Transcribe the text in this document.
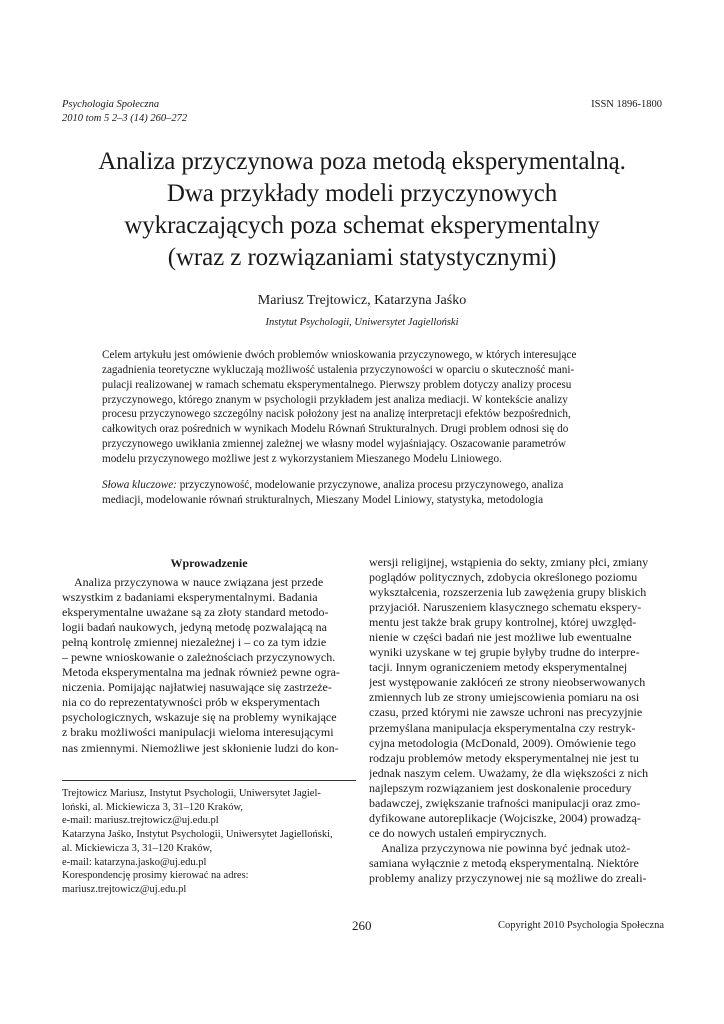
Psychologia Społeczna
2010 tom 5 2–3 (14) 260–272
ISSN 1896-1800
Analiza przyczynowa poza metodą eksperymentalną.
Dwa przykłady modeli przyczynowych
wykraczających poza schemat eksperymentalny
(wraz z rozwiązaniami statystycznymi)
Mariusz Trejtowicz, Katarzyna Jaśko
Instytut Psychologii, Uniwersytet Jagielloński
Celem artykułu jest omówienie dwóch problemów wnioskowania przyczynowego, w których interesujące
zagadnienia teoretyczne wykluczają możliwość ustalenia przyczynowości w oparciu o skuteczność mani-
pulacji realizowanej w ramach schematu eksperymentalnego. Pierwszy problem dotyczy analizy procesu
przyczynowego, którego znanym w psychologii przykładem jest analiza mediacji. W kontekście analizy
procesu przyczynowego szczególny nacisk położony jest na analizę interpretacji efektów bezpośrednich,
całkowitych oraz pośrednich w wynikach Modelu Równań Strukturalnych. Drugi problem odnosi się do
przyczynowego uwikłania zmiennej zależnej we własny model wyjaśniający. Oszacowanie parametrów
modelu przyczynowego możliwe jest z wykorzystaniem Mieszanego Modelu Liniowego.
Słowa kluczowe: przyczynowość, modelowanie przyczynowe, analiza procesu przyczynowego, analiza
mediacji, modelowanie równań strukturalnych, Mieszany Model Liniowy, statystyka, metodologia
Wprowadzenie
Analiza przyczynowa w nauce związana jest przede
wszystkim z badaniami eksperymentalnymi. Badania
eksperymentalne uważane są za złoty standard metodo-
logii badań naukowych, jedyną metodę pozwalającą na
pełną kontrolę zmiennej niezależnej i – co za tym idzie
– pewne wnioskowanie o zależnościach przyczynowych.
Metoda eksperymentalna ma jednak również pewne ogra-
niczenia. Pomijając najłatwiej nasuwające się zastrzeże-
nia co do reprezentatywności prób w eksperymentach
psychologicznych, wskazuje się na problemy wynikające
z braku możliwości manipulacji wieloma interesującymi
nas zmiennymi. Niemożliwe jest skłonienie ludzi do kon-
Trejtowicz Mariusz, Instytut Psychologii, Uniwersytet Jagiel-
loński, al. Mickiewicza 3, 31–120 Kraków,
e-mail: mariusz.trejtowicz@uj.edu.pl
Katarzyna Jaśko, Instytut Psychologii, Uniwersytet Jagielloński,
al. Mickiewicza 3, 31–120 Kraków,
e-mail: katarzyna.jasko@uj.edu.pl
Korespondencję prosimy kierować na adres:
mariusz.trejtowicz@uj.edu.pl
wersji religijnej, wstąpienia do sekty, zmiany płci, zmiany
poglądów politycznych, zdobycia określonego poziomu
wykształcenia, rozszerzenia lub zawężenia grupy bliskich
przyjaciół. Naruszeniem klasycznego schematu ekspery-
mentu jest także brak grupy kontrolnej, której uwzględ-
nienie w części badań nie jest możliwe lub ewentualne
wyniki uzyskane w tej grupie byłyby trudne do interpre-
tacji. Innym ograniczeniem metody eksperymentalnej
jest występowanie zakłóceń ze strony nieobserwowanych
zmiennych lub ze strony umiejscowienia pomiaru na osi
czasu, przed którymi nie zawsze uchroni nas precyzyjnie
przemyślana manipulacja eksperymentalna czy restryk-
cyjna metodologia (McDonald, 2009). Omówienie tego
rodzaju problemów metody eksperymentalnej nie jest tu
jednak naszym celem. Uważamy, że dla większości z nich
najlepszym rozwiązaniem jest doskonalenie procedury
badawczej, zwiększanie trafności manipulacji oraz zmo-
dyfikowane autoreplikacje (Wojciszke, 2004) prowadzą-
ce do nowych ustaleń empirycznych.
Analiza przyczynowa nie powinna być jednak utoż-
samiana wyłącznie z metodą eksperymentalną. Niektóre
problemy analizy przyczynowej nie są możliwe do zreali-
260	Copyright 2010 Psychologia Społeczna
